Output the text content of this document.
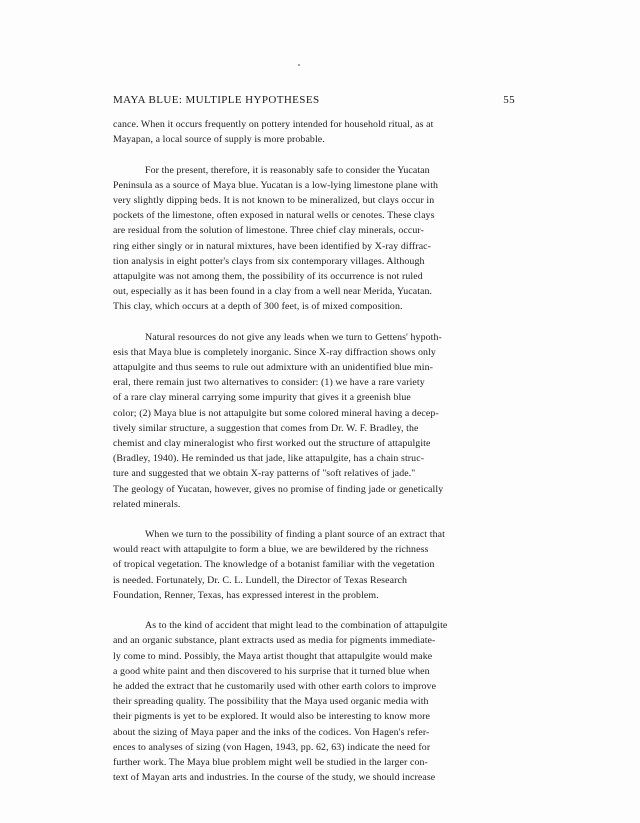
MAYA BLUE: MULTIPLE HYPOTHESES	55
cance. When it occurs frequently on pottery intended for household ritual, as at
Mayapan, a local source of supply is more probable.
For the present, therefore, it is reasonably safe to consider the Yucatan
Peninsula as a source of Maya blue. Yucatan is a low-lying limestone plane with
very slightly dipping beds. It is not known to be mineralized, but clays occur in
pockets of the limestone, often exposed in natural wells or cenotes. These clays
are residual from the solution of limestone. Three chief clay minerals, occur-
ring either singly or in natural mixtures, have been identified by X-ray diffrac-
tion analysis in eight potter's clays from six contemporary villages. Although
attapulgite was not among them, the possibility of its occurrence is not ruled
out, especially as it has been found in a clay from a well near Merida, Yucatan.
This clay, which occurs at a depth of 300 feet, is of mixed composition.
Natural resources do not give any leads when we turn to Gettens' hypoth-
esis that Maya blue is completely inorganic. Since X-ray diffraction shows only
attapulgite and thus seems to rule out admixture with an unidentified blue min-
eral, there remain just two alternatives to consider: (1) we have a rare variety
of a rare clay mineral carrying some impurity that gives it a greenish blue
color; (2) Maya blue is not attapulgite but some colored mineral having a decep-
tively similar structure, a suggestion that comes from Dr. W. F. Bradley, the
chemist and clay mineralogist who first worked out the structure of attapulgite
(Bradley, 1940). He reminded us that jade, like attapulgite, has a chain struc-
ture and suggested that we obtain X-ray patterns of ''soft relatives of jade.''
The geology of Yucatan, however, gives no promise of finding jade or genetically
related minerals.
When we turn to the possibility of finding a plant source of an extract that
would react with attapulgite to form a blue, we are bewildered by the richness
of tropical vegetation. The knowledge of a botanist familiar with the vegetation
is needed. Fortunately, Dr. C. L. Lundell, the Director of Texas Research
Foundation, Renner, Texas, has expressed interest in the problem.
As to the kind of accident that might lead to the combination of attapulgite
and an organic substance, plant extracts used as media for pigments immediate-
ly come to mind. Possibly, the Maya artist thought that attapulgite would make
a good white paint and then discovered to his surprise that it turned blue when
he added the extract that he customarily used with other earth colors to improve
their spreading quality. The possibility that the Maya used organic media with
their pigments is yet to be explored. It would also be interesting to know more
about the sizing of Maya paper and the inks of the codices. Von Hagen's refer-
ences to analyses of sizing (von Hagen, 1943, pp. 62, 63) indicate the need for
further work. The Maya blue problem might well be studied in the larger con-
text of Mayan arts and industries. In the course of the study, we should increase
